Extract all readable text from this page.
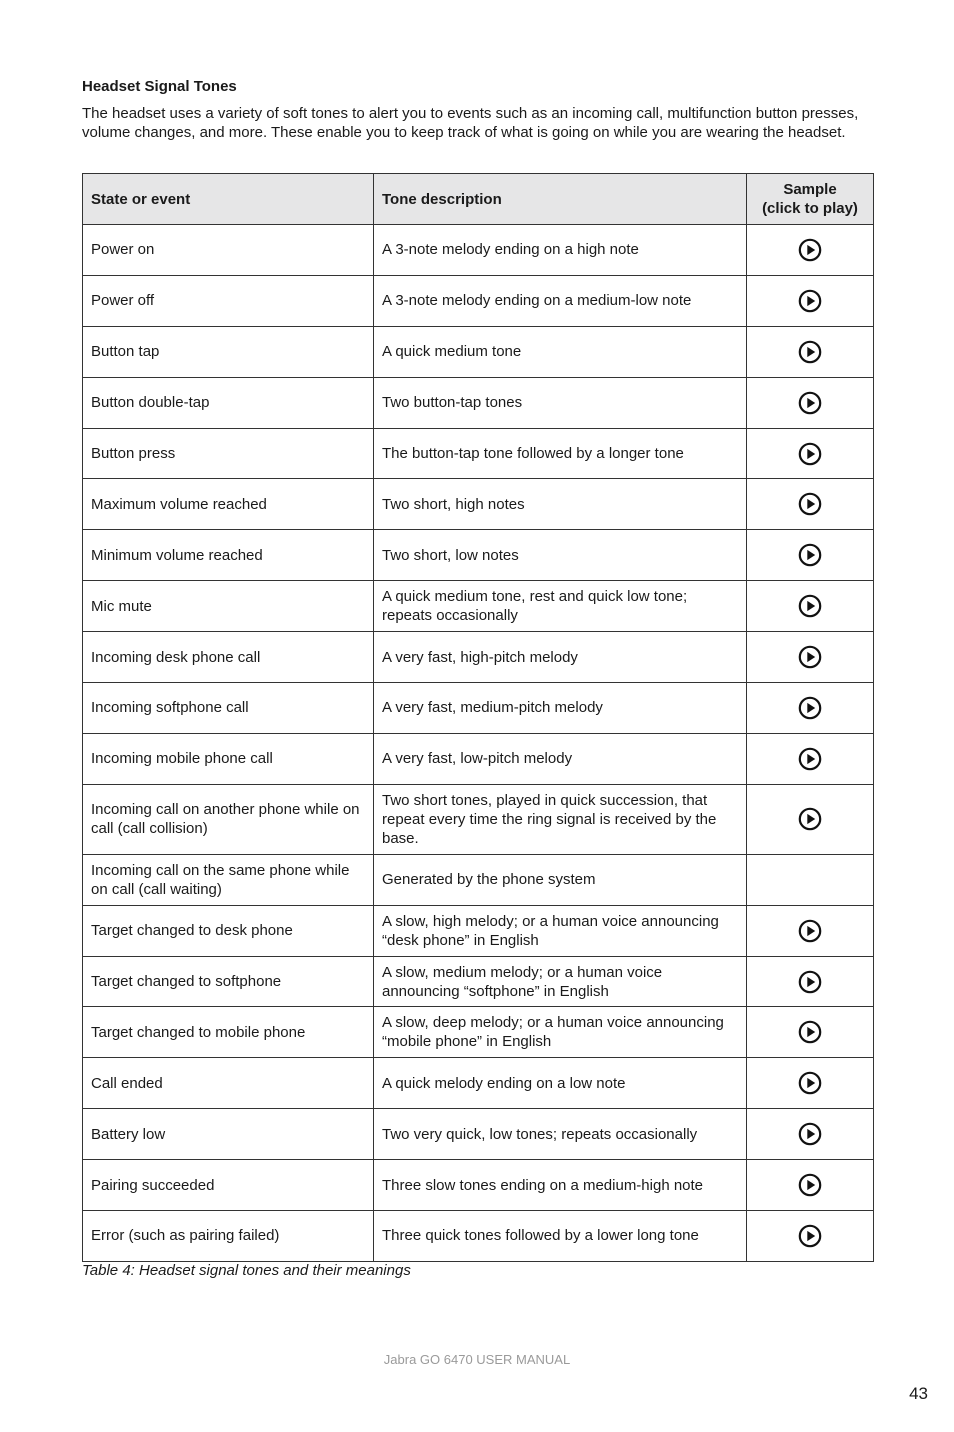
Headset Signal Tones

The headset uses a variety of soft tones to alert you to events such as an incoming call, multifunction button presses, volume changes, and more. These enable you to keep track of what is going on while you are wearing the headset.

State or event	Tone description	Sample
(click to play)
Power on	A 3-note melody ending on a high note	

Power off	A 3-note melody ending on a medium-low note	

Button tap	A quick medium tone	

Button double-tap	Two button-tap tones	

Button press	The button-tap tone followed by a longer tone	

Maximum volume reached	Two short, high notes	

Minimum volume reached	Two short, low notes	

Mic mute	A quick medium tone, rest and quick low tone; repeats occasionally	

Incoming desk phone call	A very fast, high-pitch melody	

Incoming softphone call	A very fast, medium-pitch melody	

Incoming mobile phone call	A very fast, low-pitch melody	

Incoming call on another phone while on call (call collision)	Two short tones, played in quick succession, that repeat every time the ring signal is received by the base.	

Incoming call on the same phone while on call (call waiting)	Generated by the phone system	
Target changed to desk phone	A slow, high melody; or a human voice announcing “desk phone” in English	

Target changed to softphone	A slow, medium melody; or a human voice announcing “softphone” in English	

Target changed to mobile phone	A slow, deep melody; or a human voice announcing “mobile phone” in English	

Call ended	A quick melody ending on a low note	

Battery low	Two very quick, low tones; repeats occasionally	

Pairing succeeded	Three slow tones ending on a medium-high note	

Error (such as pairing failed)	Three quick tones followed by a lower long tone	

Table 4: Headset signal tones and their meanings

Jabra GO 6470 USER MANUAL

43
